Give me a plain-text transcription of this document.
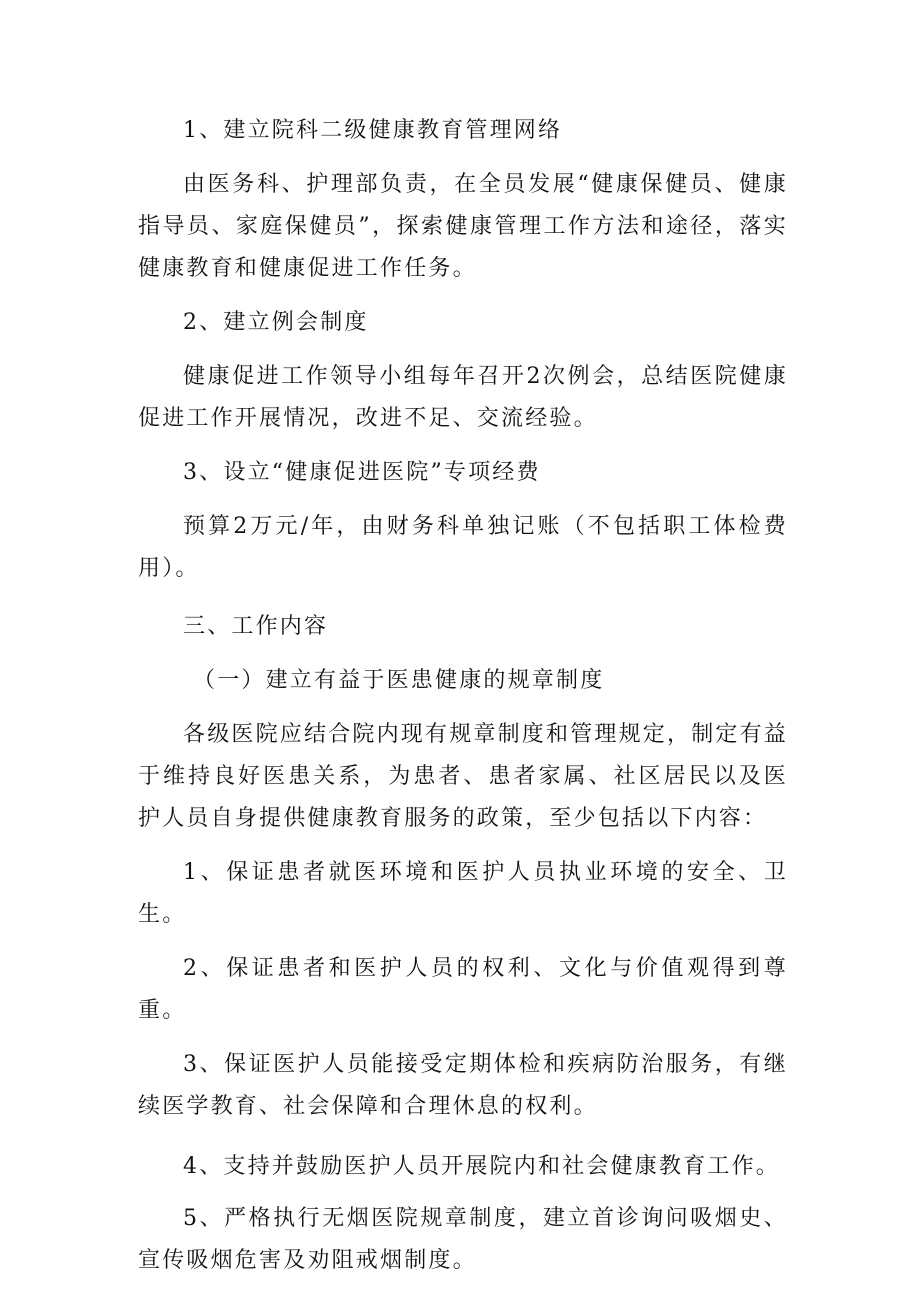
1、建立院科二级健康教育管理网络

由医务科、护理部负责，在全员发展“健康保健员、健康指导员、家庭保健员”，探索健康管理工作方法和途径，落实健康教育和健康促进工作任务。

2、建立例会制度

健康促进工作领导小组每年召开2次例会，总结医院健康促进工作开展情况，改进不足、交流经验。

3、设立“健康促进医院”专项经费

预算2万元/年，由财务科单独记账（不包括职工体检费用）。

三、工作内容

（一）建立有益于医患健康的规章制度

各级医院应结合院内现有规章制度和管理规定，制定有益于维持良好医患关系，为患者、患者家属、社区居民以及医护人员自身提供健康教育服务的政策，至少包括以下内容：

1、保证患者就医环境和医护人员执业环境的安全、卫生。

2、保证患者和医护人员的权利、文化与价值观得到尊重。

3、保证医护人员能接受定期体检和疾病防治服务，有继续医学教育、社会保障和合理休息的权利。

4、支持并鼓励医护人员开展院内和社会健康教育工作。

5、严格执行无烟医院规章制度，建立首诊询问吸烟史、宣传吸烟危害及劝阻戒烟制度。
